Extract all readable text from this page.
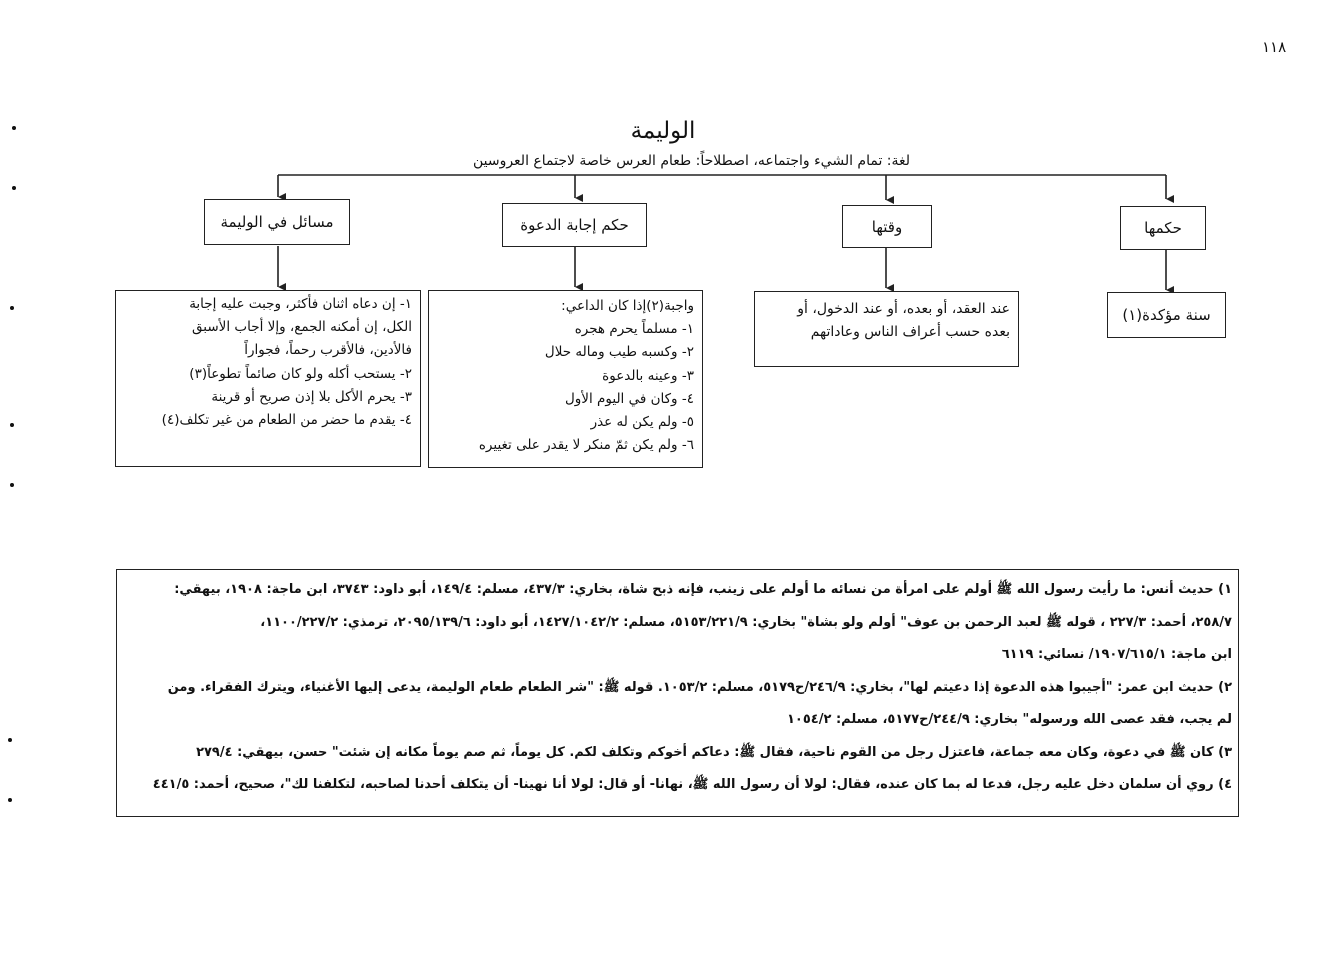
١١٨
الوليمة
لغة: تمام الشيء واجتماعه، اصطلاحاً: طعام العرس خاصة لاجتماع العروسين
حكمها
وقتها
حكم إجابة الدعوة
مسائل في الوليمة
سنة مؤكدة(١)
عند العقد، أو بعده، أو عند الدخول، أو
بعده حسب أعراف الناس وعاداتهم
واجبة(٢)إذا كان الداعي:
١- مسلماً يحرم هجره
٢- وكسبه طيب وماله حلال
٣- وعينه بالدعوة
٤- وكان في اليوم الأول
٥- ولم يكن له عذر
٦- ولم يكن ثمّ منكر لا يقدر على تغييره
١- إن دعاه اثنان فأكثر، وجبت عليه إجابة
الكل، إن أمكنه الجمع، وإلا أجاب الأسبق
فالأدين، فالأقرب رحماً، فجواراً
٢- يستحب أكله ولو كان صائماً تطوعاً(٣)
٣- يحرم الأكل بلا إذن صريح أو قرينة
٤- يقدم ما حضر من الطعام من غير تكلف(٤)
١) حديث أنس: ما رأيت رسول الله ﷺ أولم على امرأة من نسائه ما أولم على زينب، فإنه ذبح شاة، بخاري: ٤٣٧/٣، مسلم: ١٤٩/٤، أبو داود: ٣٧٤٣، ابن ماجة: ١٩٠٨، بيهقي:
٢٥٨/٧، أحمد: ٢٢٧/٣ ، قوله ﷺ لعبد الرحمن بن عوف" أولم ولو بشاة" بخاري: ٥١٥٣/٢٢١/٩، مسلم: ١٤٢٧/١٠٤٢/٢، أبو داود: ٢٠٩٥/١٣٩/٦، ترمذي: ١١٠٠/٢٢٧/٢،
ابن ماجة: ١٩٠٧/٦١٥/١/ نسائي: ٦١١٩
٢) حديث ابن عمر: "أجيبوا هذه الدعوة إذا دعيتم لها"، بخاري: ٢٤٦/٩/ح٥١٧٩، مسلم: ١٠٥٣/٢. قوله ﷺ: "شر الطعام طعام الوليمة، يدعى إليها الأغنياء، ويترك الفقراء. ومن
لم يجب، فقد عصى الله ورسوله" بخاري: ٢٤٤/٩/ح٥١٧٧، مسلم: ١٠٥٤/٢
٣) كان ﷺ في دعوة، وكان معه جماعة، فاعتزل رجل من القوم ناحية، فقال ﷺ: دعاكم أخوكم وتكلف لكم. كل يوماً، ثم صم يوماً مكانه إن شئت" حسن، بيهقي: ٢٧٩/٤
٤) روي أن سلمان دخل عليه رجل، فدعا له بما كان عنده، فقال: لولا أن رسول الله ﷺ، نهانا- أو قال: لولا أنا نهينا- أن يتكلف أحدنا لصاحبه، لتكلفنا لك"، صحيح، أحمد: ٤٤١/٥
